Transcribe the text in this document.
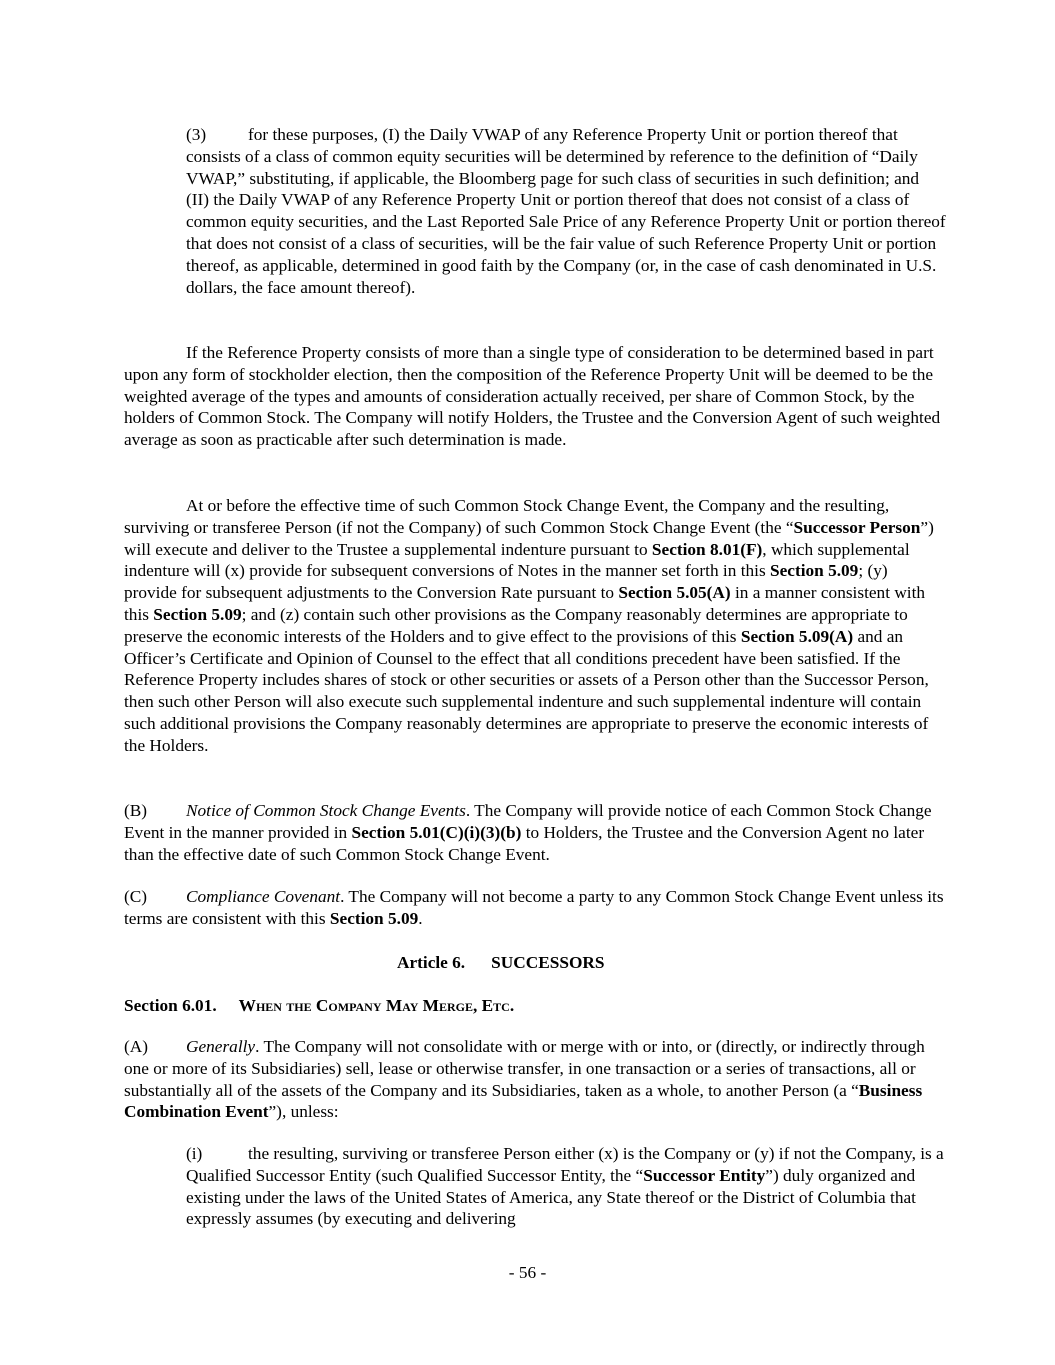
(3) for these purposes, (I) the Daily VWAP of any Reference Property Unit or portion thereof that consists of a class of common equity securities will be determined by reference to the definition of “Daily VWAP,” substituting, if applicable, the Bloomberg page for such class of securities in such definition; and (II) the Daily VWAP of any Reference Property Unit or portion thereof that does not consist of a class of common equity securities, and the Last Reported Sale Price of any Reference Property Unit or portion thereof that does not consist of a class of securities, will be the fair value of such Reference Property Unit or portion thereof, as applicable, determined in good faith by the Company (or, in the case of cash denominated in U.S. dollars, the face amount thereof).

If the Reference Property consists of more than a single type of consideration to be determined based in part upon any form of stockholder election, then the composition of the Reference Property Unit will be deemed to be the weighted average of the types and amounts of consideration actually received, per share of Common Stock, by the holders of Common Stock. The Company will notify Holders, the Trustee and the Conversion Agent of such weighted average as soon as practicable after such determination is made.

At or before the effective time of such Common Stock Change Event, the Company and the resulting, surviving or transferee Person (if not the Company) of such Common Stock Change Event (the “Successor Person”) will execute and deliver to the Trustee a supplemental indenture pursuant to Section 8.01(F), which supplemental indenture will (x) provide for subsequent conversions of Notes in the manner set forth in this Section 5.09; (y) provide for subsequent adjustments to the Conversion Rate pursuant to Section 5.05(A) in a manner consistent with this Section 5.09; and (z) contain such other provisions as the Company reasonably determines are appropriate to preserve the economic interests of the Holders and to give effect to the provisions of this Section 5.09(A) and an Officer’s Certificate and Opinion of Counsel to the effect that all conditions precedent have been satisfied. If the Reference Property includes shares of stock or other securities or assets of a Person other than the Successor Person, then such other Person will also execute such supplemental indenture and such supplemental indenture will contain such additional provisions the Company reasonably determines are appropriate to preserve the economic interests of the Holders.

(B) Notice of Common Stock Change Events. The Company will provide notice of each Common Stock Change Event in the manner provided in Section 5.01(C)(i)(3)(b) to Holders, the Trustee and the Conversion Agent no later than the effective date of such Common Stock Change Event.

(C) Compliance Covenant. The Company will not become a party to any Common Stock Change Event unless its terms are consistent with this Section 5.09.

Article 6. SUCCESSORS

Section 6.01. When the Company May Merge, Etc.

(A) Generally. The Company will not consolidate with or merge with or into, or (directly, or indirectly through one or more of its Subsidiaries) sell, lease or otherwise transfer, in one transaction or a series of transactions, all or substantially all of the assets of the Company and its Subsidiaries, taken as a whole, to another Person (a “Business Combination Event”), unless:

(i)	the resulting, surviving or transferee Person either (x) is the Company or (y) if not the Company, is a Qualified Successor Entity (such Qualified Successor Entity, the “Successor Entity”) duly organized and existing under the laws of the United States of America, any State thereof or the District of Columbia that expressly assumes (by executing and delivering

- 56 -
